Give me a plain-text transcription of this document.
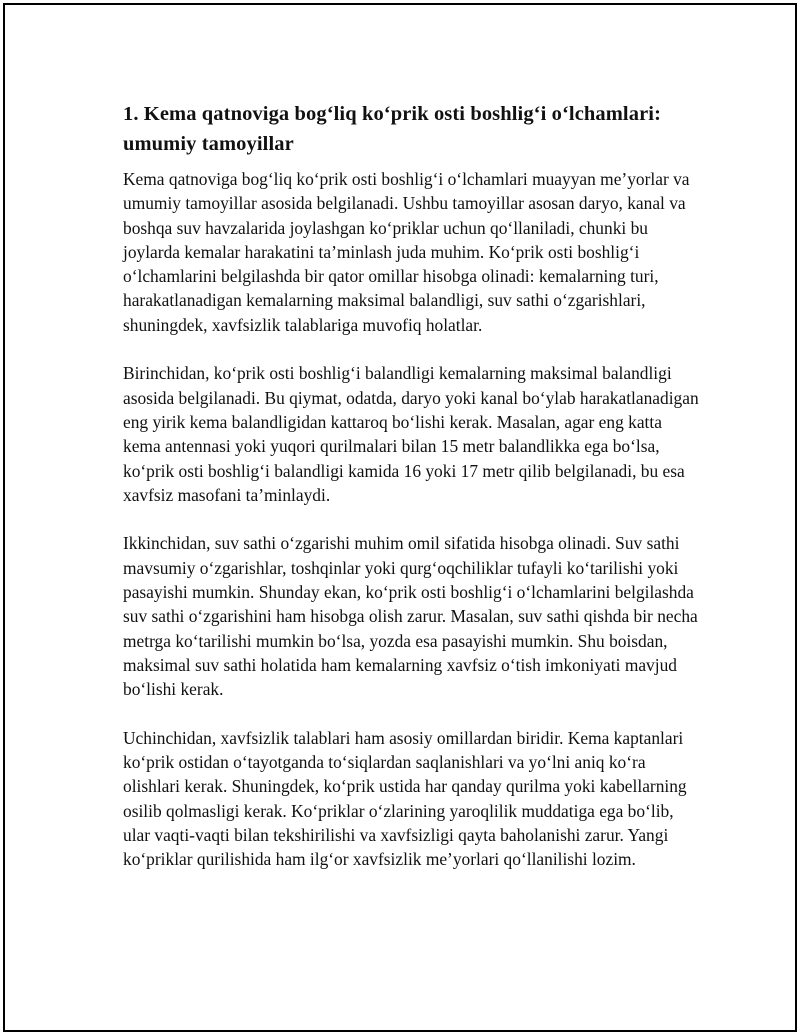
1. Kema qatnoviga bog‘liq ko‘prik osti boshlig‘i o‘lchamlari: umumiy tamoyillar

Kema qatnoviga bog‘liq ko‘prik osti boshlig‘i o‘lchamlari muayyan me’yorlar va umumiy tamoyillar asosida belgilanadi. Ushbu tamoyillar asosan daryo, kanal va boshqa suv havzalarida joylashgan ko‘priklar uchun qo‘llaniladi, chunki bu joylarda kemalar harakatini ta’minlash juda muhim. Ko‘prik osti boshlig‘i o‘lchamlarini belgilashda bir qator omillar hisobga olinadi: kemalarning turi, harakatlanadigan kemalarning maksimal balandligi, suv sathi o‘zgarishlari, shuningdek, xavfsizlik talablariga muvofiq holatlar.

Birinchidan, ko‘prik osti boshlig‘i balandligi kemalarning maksimal balandligi asosida belgilanadi. Bu qiymat, odatda, daryo yoki kanal bo‘ylab harakatlanadigan eng yirik kema balandligidan kattaroq bo‘lishi kerak. Masalan, agar eng katta kema antennasi yoki yuqori qurilmalari bilan 15 metr balandlikka ega bo‘lsa, ko‘prik osti boshlig‘i balandligi kamida 16 yoki 17 metr qilib belgilanadi, bu esa xavfsiz masofani ta’minlaydi.

Ikkinchidan, suv sathi o‘zgarishi muhim omil sifatida hisobga olinadi. Suv sathi mavsumiy o‘zgarishlar, toshqinlar yoki qurg‘oqchiliklar tufayli ko‘tarilishi yoki pasayishi mumkin. Shunday ekan, ko‘prik osti boshlig‘i o‘lchamlarini belgilashda suv sathi o‘zgarishini ham hisobga olish zarur. Masalan, suv sathi qishda bir necha metrga ko‘tarilishi mumkin bo‘lsa, yozda esa pasayishi mumkin. Shu boisdan, maksimal suv sathi holatida ham kemalarning xavfsiz o‘tish imkoniyati mavjud bo‘lishi kerak.

Uchinchidan, xavfsizlik talablari ham asosiy omillardan biridir. Kema kaptanlari ko‘prik ostidan o‘tayotganda to‘siqlardan saqlanishlari va yo‘lni aniq ko‘ra olishlari kerak. Shuningdek, ko‘prik ustida har qanday qurilma yoki kabellarning osilib qolmasligi kerak. Ko‘priklar o‘zlarining yaroqlilik muddatiga ega bo‘lib, ular vaqti-vaqti bilan tekshirilishi va xavfsizligi qayta baholanishi zarur. Yangi ko‘priklar qurilishida ham ilg‘or xavfsizlik me’yorlari qo‘llanilishi lozim.
